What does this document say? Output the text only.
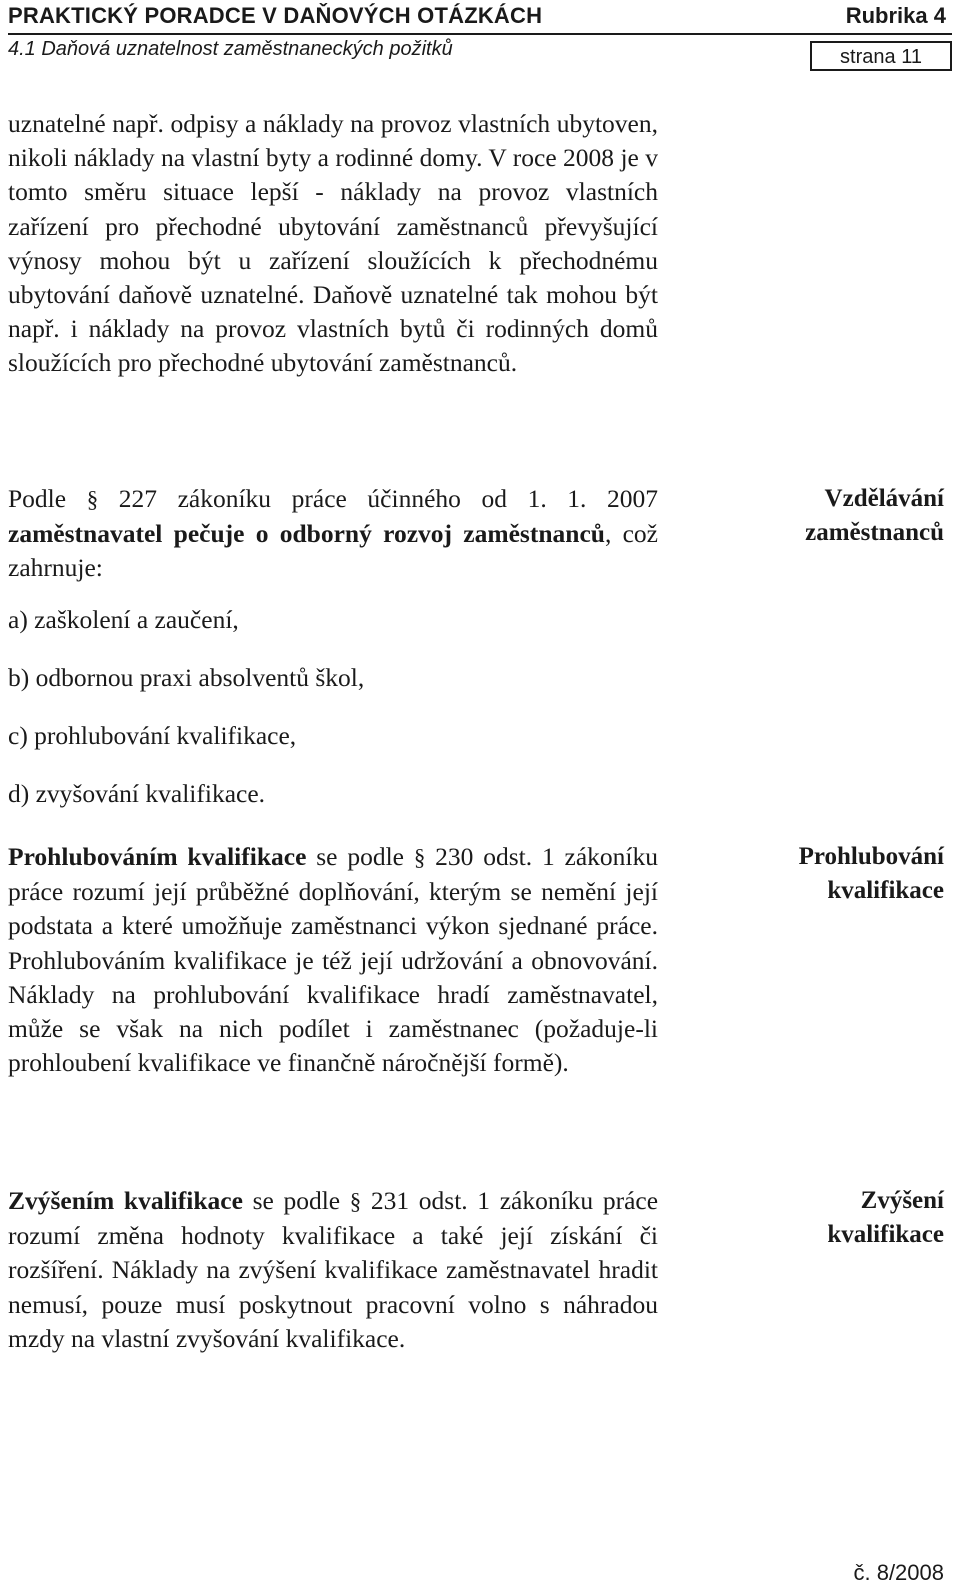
PRAKTICKÝ PORADCE V DAŇOVÝCH OTÁZKÁCH	Rubrika 4
4.1 Daňová uznatelnost zaměstnaneckých požitků	strana 11

uznatelné např. odpisy a náklady na provoz vlastních ubytoven, nikoli náklady na vlastní byty a rodinné domy. V roce 2008 je v tomto směru situace lepší - náklady na provoz vlastních zařízení pro přechodné ubytování zaměstnanců převyšující výnosy mohou být u zařízení sloužících k přechodnému ubytování daňově uznatelné. Daňově uznatelné tak mohou být např. i náklady na provoz vlastních bytů či rodinných domů sloužících pro přechodné ubytování zaměstnanců.

Podle § 227 zákoníku práce účinného od 1. 1. 2007 zaměstnavatel pečuje o odborný rozvoj zaměstnanců, což zahrnuje:

Vzdělávání
zaměstnanců
a) zaškolení a zaučení,
b) odbornou praxi absolventů škol,
c) prohlubování kvalifikace,
d) zvyšování kvalifikace.

Prohlubováním kvalifikace se podle § 230 odst. 1 zákoníku práce rozumí její průběžné doplňování, kterým se nemění její podstata a které umožňuje zaměstnanci výkon sjednané práce. Prohlubováním kvalifikace je též její udržování a obnovování. Náklady na prohlubování kvalifikace hradí zaměstnavatel, může se však na nich podílet i zaměstnanec (požaduje-li prohloubení kvalifikace ve finančně náročnější formě).

Prohlubování
kvalifikace

Zvýšením kvalifikace se podle § 231 odst. 1 zákoníku práce rozumí změna hodnoty kvalifikace a také její získání či rozšíření. Náklady na zvýšení kvalifikace zaměstnavatel hradit nemusí, pouze musí poskytnout pracovní volno s náhradou mzdy na vlastní zvyšování kvalifikace.

Zvýšení
kvalifikace
č. 8/2008
